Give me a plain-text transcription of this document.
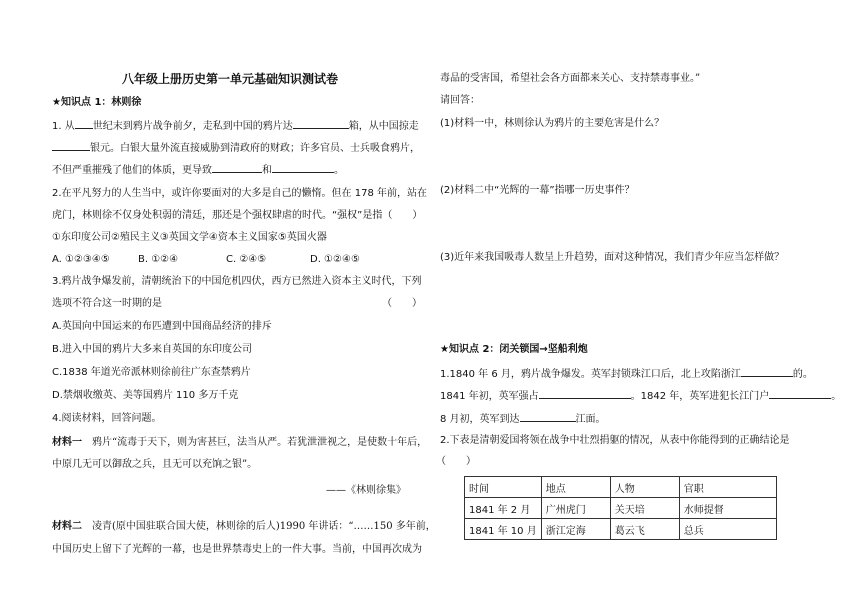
八年级上册历史第一单元基础知识测试卷
★知识点 1：林则徐
1. 从 世纪末到鸦片战争前夕，走私到中国的鸦片达	箱，从中国掠走
银元。白银大量外流直接威胁到清政府的财政；许多官员、士兵吸食鸦片，
不但严重摧残了他们的体质，更导致	和	。
2.在平凡努力的人生当中，或许你要面对的大多是自己的懒惰。但在 178 年前，站在
虎门，林则徐不仅身处积弱的清廷，那还是个强权肆虐的时代。“强权”是指（　　）
①东印度公司②殖民主义③英国文学④资本主义国家⑤英国火器
A. ①②③④⑤	B. ①②④	C. ②④⑤	D. ①②④⑤
3.鸦片战争爆发前，清朝统治下的中国危机四伏，西方已然进入资本主义时代，下列
选项不符合这一时期的是	（　　）
A.英国向中国运来的布匹遭到中国商品经济的排斥
B.进入中国的鸦片大多来自英国的东印度公司
C.1838 年道光帝派林则徐前往广东查禁鸦片
D.禁烟收缴英、美等国鸦片 110 多万千克
4.阅读材料，回答问题。
材料一　鸦片“流毒于天下，则为害甚巨，法当从严。若犹泄泄视之，是使数十年后，
中原几无可以御敌之兵，且无可以充饷之银”。
——《林则徐集》
材料二　凌青(原中国驻联合国大使，林则徐的后人)1990 年讲话：“……150 多年前，
中国历史上留下了光辉的一幕，也是世界禁毒史上的一件大事。当前，中国再次成为
毒品的受害国，希望社会各方面都来关心、支持禁毒事业。”
请回答：
(1)材料一中，林则徐认为鸦片的主要危害是什么？
(2)材料二中“光辉的一幕”指哪一历史事件？
(3)近年来我国吸毒人数呈上升趋势，面对这种情况，我们青少年应当怎样做？
★知识点 2：闭关锁国→坚船利炮
1.1840 年 6 月，鸦片战争爆发。英军封锁珠江口后，北上攻陷浙江	的。
1841 年初，英军强占	。1842 年，英军进犯长江门户	。
8 月初，英军到达	江面。
2.下表是清朝爱国将领在战争中壮烈捐躯的情况，从表中你能得到的正确结论是
（　　）
时间	地点	人物	官职
1841 年 2 月	广州虎门	关天培	水师提督
1841 年 10 月	浙江定海	葛云飞	总兵
